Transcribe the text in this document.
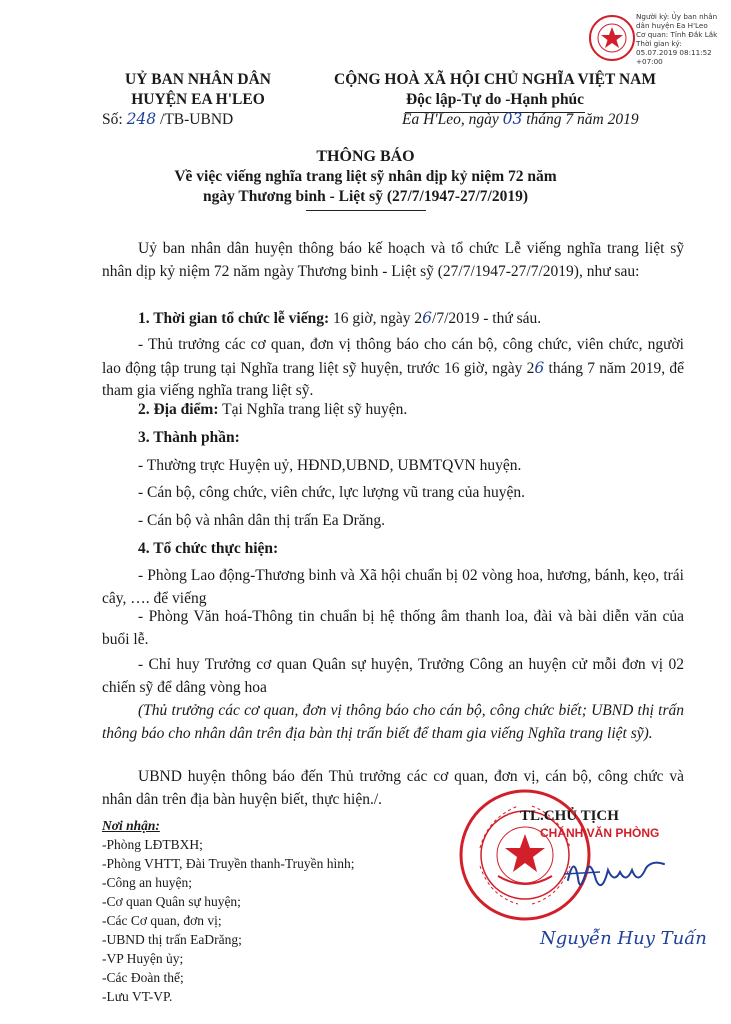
Người ký: Ủy ban nhân dân huyện Ea H'Leo
Cơ quan: Tỉnh Đắk Lắk
Thời gian ký:
05.07.2019 08:11:52 +07:00
UỶ BAN NHÂN DÂN
HUYỆN EA H'LEO
CỘNG HOÀ XÃ HỘI CHỦ NGHĨA VIỆT NAM
Độc lập-Tự do -Hạnh phúc
Số: 248 /TB-UBND	Ea H'Leo, ngày 03 tháng 7 năm 2019
THÔNG BÁO
Về việc viếng nghĩa trang liệt sỹ nhân dịp kỷ niệm 72 năm
ngày Thương binh - Liệt sỹ (27/7/1947-27/7/2019)
Uỷ ban nhân dân huyện thông báo kế hoạch và tổ chức Lễ viếng nghĩa trang liệt sỹ nhân dịp kỷ niệm 72 năm ngày Thương binh - Liệt sỹ (27/7/1947-27/7/2019), như sau:
1. Thời gian tổ chức lễ viếng: 16 giờ, ngày 26/7/2019 - thứ sáu.
- Thủ trưởng các cơ quan, đơn vị thông báo cho cán bộ, công chức, viên chức, người lao động tập trung tại Nghĩa trang liệt sỹ huyện, trước 16 giờ, ngày 26 tháng 7 năm 2019, để tham gia viếng nghĩa trang liệt sỹ.
2. Địa điểm: Tại Nghĩa trang liệt sỹ huyện.
3. Thành phần:
- Thường trực Huyện uỷ, HĐND,UBND, UBMTQVN huyện.
- Cán bộ, công chức, viên chức, lực lượng vũ trang của huyện.
- Cán bộ và nhân dân thị trấn Ea Drăng.
4. Tổ chức thực hiện:
- Phòng Lao động-Thương binh và Xã hội chuẩn bị 02 vòng hoa, hương, bánh, kẹo, trái cây, …. để viếng
- Phòng Văn hoá-Thông tin chuẩn bị hệ thống âm thanh loa, đài và bài diễn văn của buổi lễ.
- Chỉ huy Trưởng cơ quan Quân sự huyện, Trưởng Công an huyện cử mỗi đơn vị 02 chiến sỹ để dâng vòng hoa
(Thủ trưởng các cơ quan, đơn vị thông báo cho cán bộ, công chức biết; UBND thị trấn thông báo cho nhân dân trên địa bàn thị trấn biết để tham gia viếng Nghĩa trang liệt sỹ).
UBND huyện thông báo đến Thủ trưởng các cơ quan, đơn vị, cán bộ, công chức và nhân dân trên địa bàn huyện biết, thực hiện./.
Nơi nhận:
-Phòng LĐTBXH;
-Phòng VHTT, Đài Truyền thanh-Truyền hình;
-Công an huyện;
-Cơ quan Quân sự huyện;
-Các Cơ quan, đơn vị;
-UBND thị trấn EaDrăng;
-VP Huyện ủy;
-Các Đoàn thể;
-Lưu VT-VP.
TL.CHỦ TỊCH
CHÁNH VĂN PHÒNG
Nguyễn Huy Tuấn
